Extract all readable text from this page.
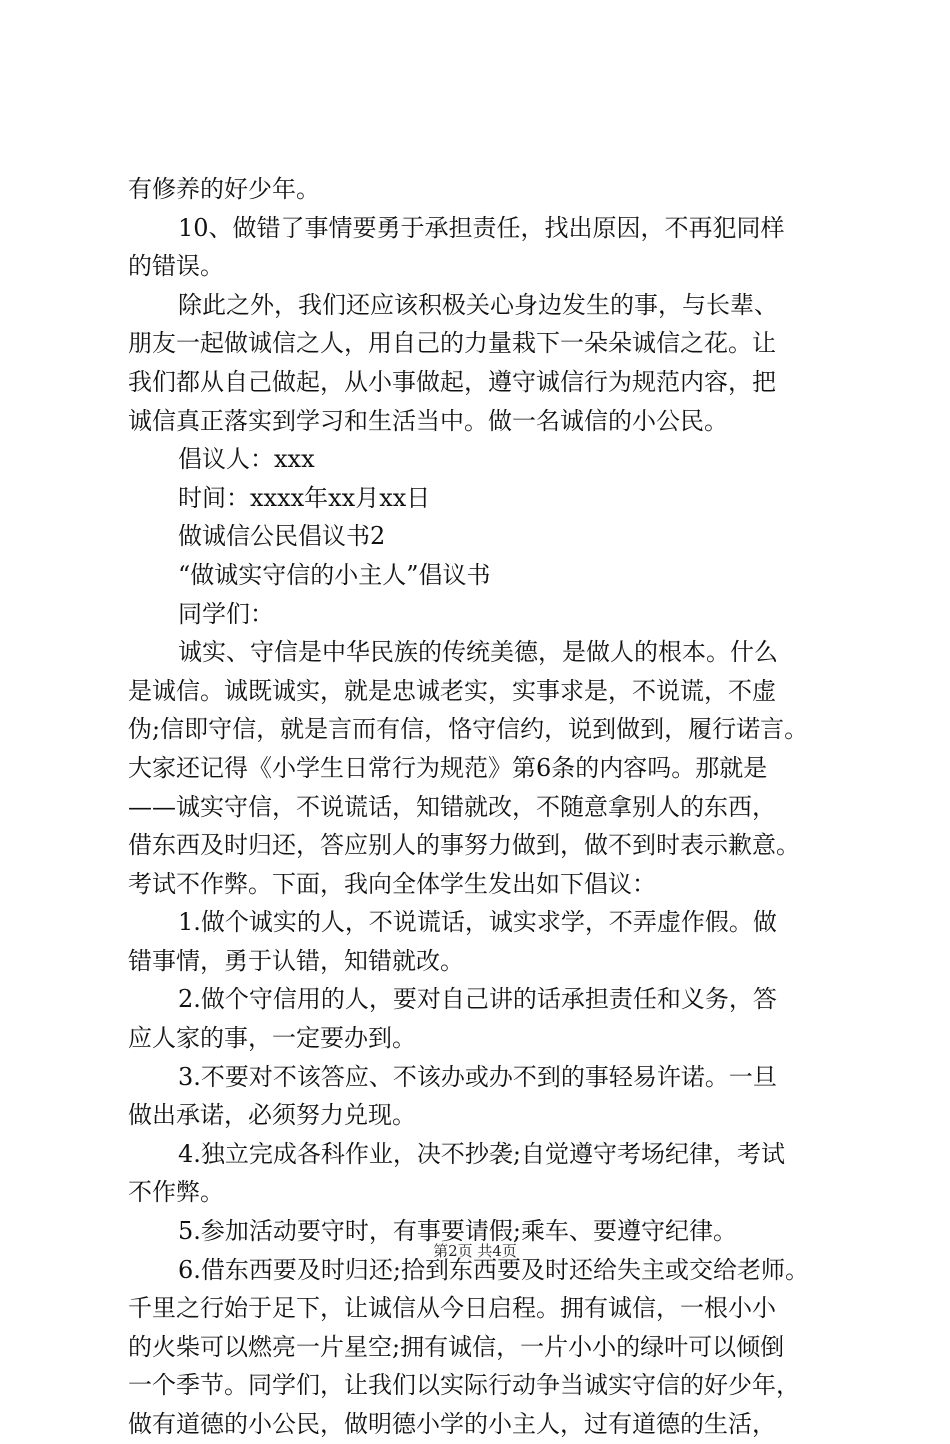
有修养的好少年。
10、做错了事情要勇于承担责任，找出原因，不再犯同样
的错误。
除此之外，我们还应该积极关心身边发生的事，与长辈、
朋友一起做诚信之人，用自己的力量栽下一朵朵诚信之花。让
我们都从自己做起，从小事做起，遵守诚信行为规范内容，把
诚信真正落实到学习和生活当中。做一名诚信的小公民。
倡议人：xxx
时间：xxxx年xx月xx日
做诚信公民倡议书2
“做诚实守信的小主人”倡议书
同学们：
诚实、守信是中华民族的传统美德，是做人的根本。什么
是诚信。诚既诚实，就是忠诚老实，实事求是，不说谎，不虚
伪;信即守信，就是言而有信，恪守信约，说到做到，履行诺言。
大家还记得《小学生日常行为规范》第6条的内容吗。那就是
——诚实守信，不说谎话，知错就改，不随意拿别人的东西，
借东西及时归还，答应别人的事努力做到，做不到时表示歉意。
考试不作弊。下面，我向全体学生发出如下倡议：
1.做个诚实的人，不说谎话，诚实求学，不弄虚作假。做
错事情，勇于认错，知错就改。
2.做个守信用的人，要对自己讲的话承担责任和义务，答
应人家的事，一定要办到。
3.不要对不该答应、不该办或办不到的事轻易许诺。一旦
做出承诺，必须努力兑现。
4.独立完成各科作业，决不抄袭;自觉遵守考场纪律，考试
不作弊。
5.参加活动要守时，有事要请假;乘车、要遵守纪律。
6.借东西要及时归还;拾到东西要及时还给失主或交给老师。
千里之行始于足下，让诚信从今日启程。拥有诚信，一根小小
的火柴可以燃亮一片星空;拥有诚信，一片小小的绿叶可以倾倒
一个季节。同学们，让我们以实际行动争当诚实守信的好少年，
做有道德的小公民，做明德小学的小主人，过有道德的生活，
第2页 共4页
